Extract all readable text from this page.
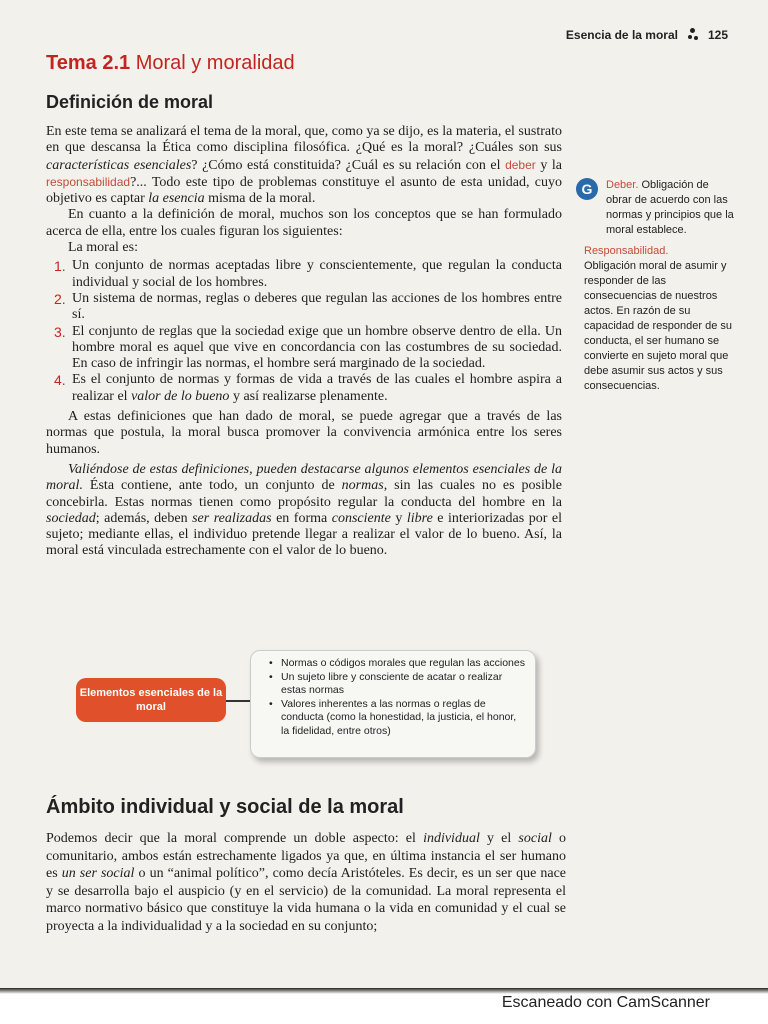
Esencia de la moral	125
Tema 2.1 Moral y moralidad
Definición de moral

En este tema se analizará el tema de la moral, que, como ya se dijo, es la materia, el sustrato en que descansa la Ética como disciplina filosófica. ¿Qué es la moral? ¿Cuáles son sus características esenciales? ¿Cómo está constituida? ¿Cuál es su relación con el deber y la responsabilidad?... Todo este tipo de problemas constituye el asunto de esta unidad, cuyo objetivo es captar la esencia misma de la moral.

En cuanto a la definición de moral, muchos son los conceptos que se han formulado acerca de ella, entre los cuales figuran los siguientes:

La moral es:

1. Un conjunto de normas aceptadas libre y conscientemente, que regulan la conducta individual y social de los hombres.
2. Un sistema de normas, reglas o deberes que regulan las acciones de los hombres entre sí.
3. El conjunto de reglas que la sociedad exige que un hombre observe dentro de ella. Un hombre moral es aquel que vive en concordancia con las costumbres de su sociedad. En caso de infringir las normas, el hombre será marginado de la sociedad.
4. Es el conjunto de normas y formas de vida a través de las cuales el hombre aspira a realizar el valor de lo bueno y así realizarse plenamente.

A estas definiciones que han dado de moral, se puede agregar que a través de las normas que postula, la moral busca promover la convivencia armónica entre los seres humanos.

Valiéndose de estas definiciones, pueden destacarse algunos elementos esenciales de la moral. Ésta contiene, ante todo, un conjunto de normas, sin las cuales no es posible concebirla. Estas normas tienen como propósito regular la conducta del hombre en la sociedad; además, deben ser realizadas en forma consciente y libre e interiorizadas por el sujeto; mediante ellas, el individuo pretende llegar a realizar el valor de lo bueno. Así, la moral está vinculada estrechamente con el valor de lo bueno.

G	Deber. Obligación de obrar de acuerdo con las normas y principios que la moral establece.

Responsabilidad.
Obligación moral de asumir y responder de las consecuencias de nuestros actos. En razón de su capacidad de responder de su conducta, el ser humano se convierte en sujeto moral que debe asumir sus actos y sus consecuencias.

Elementos esenciales de la moral
• Normas o códigos morales que regulan las acciones
• Un sujeto libre y consciente de acatar o realizar estas normas
• Valores inherentes a las normas o reglas de conducta (como la honestidad, la justicia, el honor, la fidelidad, entre otros)
Ámbito individual y social de la moral
Podemos decir que la moral comprende un doble aspecto: el individual y el social o comunitario, ambos están estrechamente ligados ya que, en última instancia el ser humano es un ser social o un “animal político”, como decía Aristóteles. Es decir, es un ser que nace y se desarrolla bajo el auspicio (y en el servicio) de la comunidad. La moral representa el marco normativo básico que constituye la vida humana o la vida en comunidad y el cual se proyecta a la individualidad y a la sociedad en su conjunto;
Escaneado con CamScanner
